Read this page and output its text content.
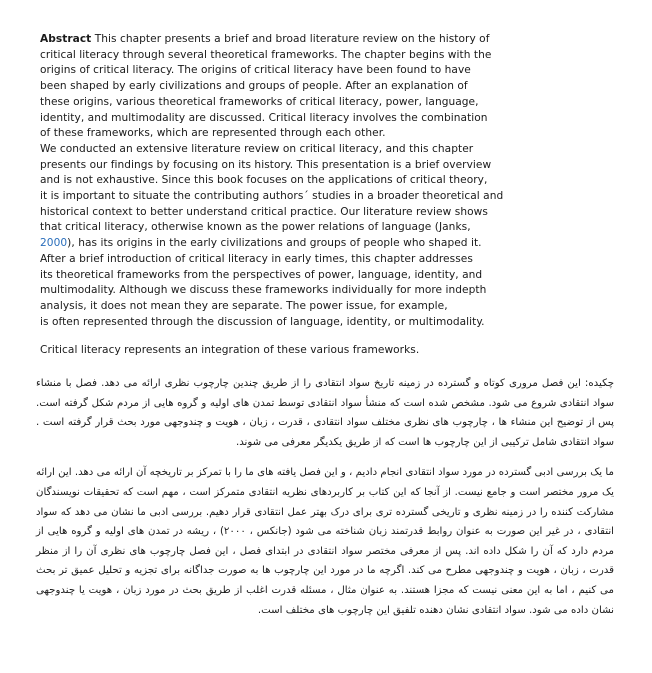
Abstract This chapter presents a brief and broad literature review on the history of
critical literacy through several theoretical frameworks. The chapter begins with the
origins of critical literacy. The origins of critical literacy have been found to have
been shaped by early civilizations and groups of people. After an explanation of
these origins, various theoretical frameworks of critical literacy, power, language,
identity, and multimodality are discussed. Critical literacy involves the combination
of these frameworks, which are represented through each other.
We conducted an extensive literature review on critical literacy, and this chapter
presents our findings by focusing on its history. This presentation is a brief overview
and is not exhaustive. Since this book focuses on the applications of critical theory,
it is important to situate the contributing authors´ studies in a broader theoretical and
historical context to better understand critical practice. Our literature review shows
that critical literacy, otherwise known as the power relations of language (Janks,
2000), has its origins in the early civilizations and groups of people who shaped it.
After a brief introduction of critical literacy in early times, this chapter addresses
its theoretical frameworks from the perspectives of power, language, identity, and
multimodality. Although we discuss these frameworks individually for more indepth
analysis, it does not mean they are separate. The power issue, for example,
is often represented through the discussion of language, identity, or multimodality.
Critical literacy represents an integration of these various frameworks.

چکیده: این فصل مروری کوتاه و گسترده در زمینه تاریخ سواد انتقادی را از طریق چندین چارچوب نظری ارائه می دهد. فصل با منشاء سواد انتقادی شروع می شود. مشخص شده است که منشأ سواد انتقادی توسط تمدن های اولیه و گروه هایی از مردم شکل گرفته است. پس از توضیح این منشاء ها ، چارچوب های نظری مختلف سواد انتقادی ، قدرت ، زبان ، هویت و چندوجهی مورد بحث قرار گرفته است . سواد انتقادی شامل ترکیبی از این چارچوب ها است که از طریق یکدیگر معرفی می شوند.

ما یک بررسی ادبی گسترده در مورد سواد انتقادی انجام دادیم ، و این فصل یافته های ما را با تمرکز بر تاریخچه آن ارائه می دهد. این ارائه یک مرور مختصر است و جامع نیست. از آنجا که این کتاب بر کاربردهای نظریه انتقادی متمرکز است ، مهم است که تحقیقات نویسندگان مشارکت کننده را در زمینه نظری و تاریخی گسترده تری برای درک بهتر عمل انتقادی قرار دهیم. بررسی ادبی ما نشان می دهد که سواد انتقادی ، در غیر این صورت به عنوان روابط قدرتمند زبان شناخته می شود (جانکس ، ۲۰۰۰) ، ریشه در تمدن های اولیه و گروه هایی از مردم دارد که آن را شکل داده اند. پس از معرفی مختصر سواد انتقادی در ابتدای فصل ، این فصل چارچوب های نظری آن را از منظر قدرت ، زبان ، هویت و چندوجهی مطرح می کند. اگرچه ما در مورد این چارچوب ها به صورت جداگانه برای تجزیه و تحلیل عمیق تر بحث می کنیم ، اما به این معنی نیست که مجزا هستند. به عنوان مثال ، مسئله قدرت اغلب از طریق بحث در مورد زبان ، هویت یا چندوجهی نشان داده می شود. سواد انتقادی نشان دهنده تلفیق این چارچوب های مختلف است.
